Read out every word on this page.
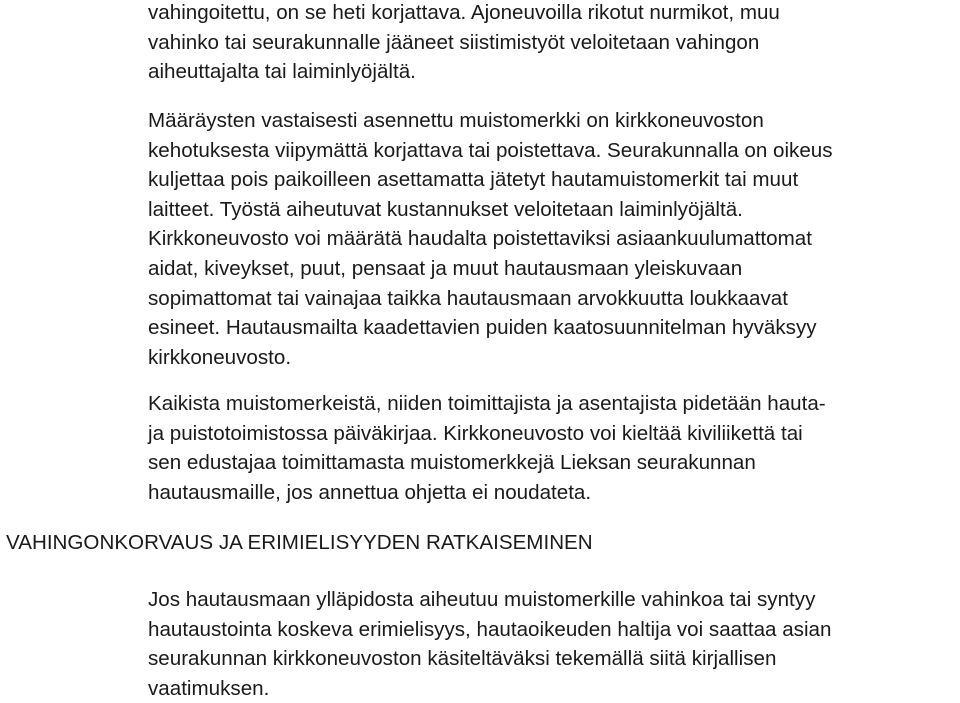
vahingoitettu, on se heti korjattava. Ajoneuvoilla rikotut nurmikot, muu
vahinko tai seurakunnalle jääneet siistimistyöt veloitetaan vahingon
aiheuttajalta tai laiminlyöjältä.

Määräysten vastaisesti asennettu muistomerkki on kirkkoneuvoston
kehotuksesta viipymättä korjattava tai poistettava. Seurakunnalla on oikeus
kuljettaa pois paikoilleen asettamatta jätetyt hautamuistomerkit tai muut
laitteet. Työstä aiheutuvat kustannukset veloitetaan laiminlyöjältä.
Kirkkoneuvosto voi määrätä haudalta poistettaviksi asiaankuulumattomat
aidat, kiveykset, puut, pensaat ja muut hautausmaan yleiskuvaan
sopimattomat tai vainajaa taikka hautausmaan arvokkuutta loukkaavat
esineet. Hautausmailta kaadettavien puiden kaatosuunnitelman hyväksyy
kirkkoneuvosto.

Kaikista muistomerkeistä, niiden toimittajista ja asentajista pidetään hauta-
ja puistotoimistossa päiväkirjaa. Kirkkoneuvosto voi kieltää kiviliikettä tai
sen edustajaa toimittamasta muistomerkkejä Lieksan seurakunnan
hautausmaille, jos annettua ohjetta ei noudateta.

VAHINGONKORVAUS JA ERIMIELISYYDEN RATKAISEMINEN

Jos hautausmaan ylläpidosta aiheutuu muistomerkille vahinkoa tai syntyy
hautaustointa koskeva erimielisyys, hautaoikeuden haltija voi saattaa asian
seurakunnan kirkkoneuvoston käsiteltäväksi tekemällä siitä kirjallisen
vaatimuksen.
